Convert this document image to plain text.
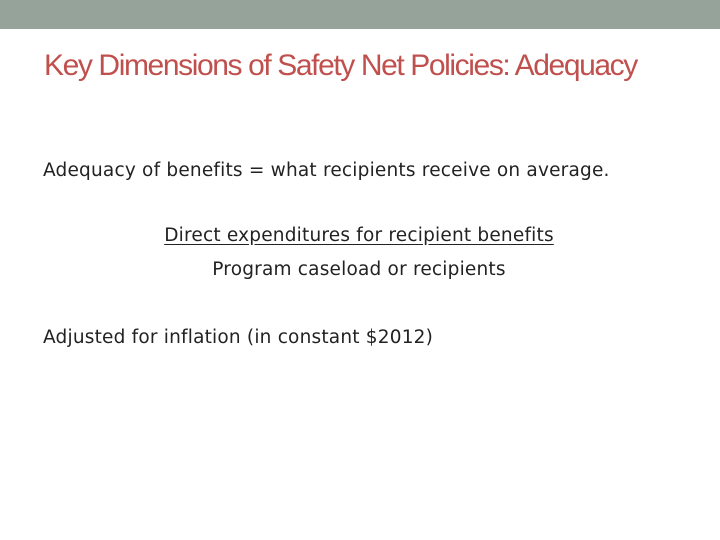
Key Dimensions of Safety Net Policies: Adequacy

Adequacy of benefits = what recipients receive on average.

Direct expenditures for recipient benefits

Program caseload or recipients

Adjusted for inflation (in constant $2012)
